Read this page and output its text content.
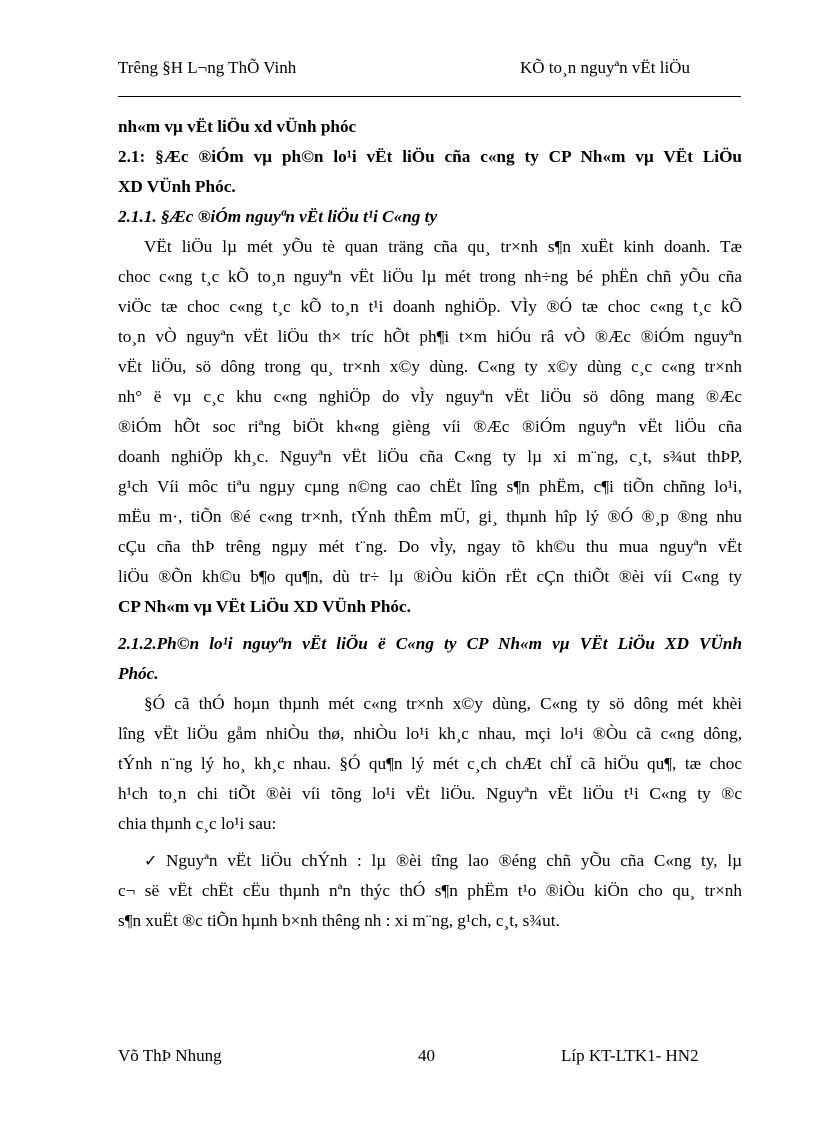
Trêng §H L¬ng ThÕ Vinh	KÕ to¸n nguyªn vËt liÖu
nh«m vµ vËt liÖu xd vÜnh phóc
2.1: §Æc ®iÓm vµ ph©n lo¹i vËt liÖu cña c«ng ty CP Nh«m vµ VËt LiÖu
XD VÜnh Phóc.
2.1.1. §Æc ®iÓm nguyªn vËt liÖu t¹i C«ng ty
VËt liÖu lµ mét yÕu tè quan träng cña qu¸ tr×nh s¶n xuËt kinh doanh. Tæ
choc c«ng t¸c kÕ to¸n nguyªn vËt liÖu lµ mét trong nh÷ng bé phËn chñ yÕu cña
viÖc tæ choc c«ng t¸c kÕ to¸n t¹i doanh nghiÖp. VÌy ®Ó tæ choc c«ng t¸c kÕ
to¸n vÒ nguyªn vËt liÖu th× tríc hÕt ph¶i t×m hiÓu râ vÒ ®Æc ®iÓm nguyªn
vËt liÖu, sö dông trong qu¸ tr×nh x©y dùng. C«ng ty x©y dùng c¸c c«ng tr×nh
nh° ë vµ c¸c khu c«ng nghiÖp do vÌy nguyªn vËt liÖu sö dông mang ®Æc
®iÓm hÕt soc riªng biÖt kh«ng gièng víi ®Æc ®iÓm nguyªn vËt liÖu cña
doanh nghiÖp kh¸c. Nguyªn vËt liÖu cña C«ng ty lµ xi m¨ng, c¸t, s¾ut thÞP,
g¹ch Víi môc tiªu ngµy cµng n©ng cao chËt lîng s¶n phËm, c¶i tiÕn chñng lo¹i,
mËu m·, tiÕn ®é c«ng tr×nh, tÝnh thÊm mÜ, gi¸ thµnh hîp lý ®Ó ®¸p ®ng nhu
cÇu cña thÞ trêng ngµy mét t¨ng. Do vÌy, ngay tõ kh©u thu mua nguyªn vËt
liÖu ®Õn kh©u b¶o qu¶n, dù tr÷ lµ ®iÒu kiÖn rËt cÇn thiÕt ®èi víi C«ng ty
CP Nh«m vµ VËt LiÖu XD VÜnh Phóc.
2.1.2.Ph©n lo¹i nguyªn vËt liÖu ë C«ng ty CP Nh«m vµ VËt LiÖu XD VÜnh
Phóc.
§Ó cã thÓ hoµn thµnh mét c«ng tr×nh x©y dùng, C«ng ty sö dông mét khèi
lîng vËt liÖu gåm nhiÒu thø, nhiÒu lo¹i kh¸c nhau, mçi lo¹i ®Òu cã c«ng dông,
tÝnh n¨ng lý ho¸ kh¸c nhau. §Ó qu¶n lý mét c¸ch chÆt chÏ cã hiÖu qu¶, tæ choc
h¹ch to¸n chi tiÕt ®èi víi tõng lo¹i vËt liÖu. Nguyªn vËt liÖu t¹i C«ng ty ®c
chia thµnh c¸c lo¹i sau:
✓ Nguyªn vËt liÖu chÝnh : lµ ®èi tîng lao ®éng chñ yÕu cña C«ng ty, lµ
c¬ së vËt chËt cËu thµnh nªn thýc thÓ s¶n phËm t¹o ®iÒu kiÖn cho qu¸ tr×nh
s¶n xuËt ®c tiÕn hµnh b×nh thêng nh : xi m¨ng, g¹ch, c¸t, s¾ut.
Võ ThÞ Nhung	40	Líp KT-LTK1- HN2
